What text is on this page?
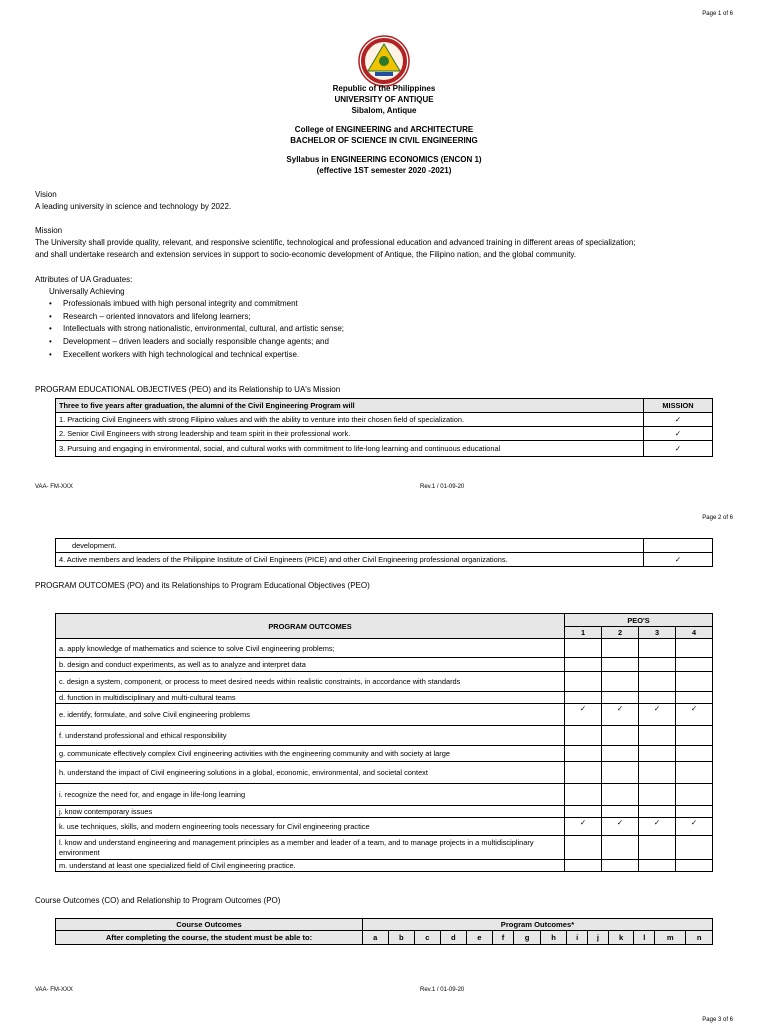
Page 1 of 6
Republic of the Philippines
UNIVERSITY OF ANTIQUE
Sibalom, Antique
College of ENGINEERING and ARCHITECTURE
BACHELOR OF SCIENCE IN CIVIL ENGINEERING
Syllabus in ENGINEERING ECONOMICS (ENCON 1)
(effective 1ST semester 2020 -2021)
Vision
A leading university in science and technology by 2022.
Mission
The University shall provide quality, relevant, and responsive scientific, technological and professional education and advanced training in different areas of specialization;
and shall undertake research and extension services in support to socio-economic development of Antique, the Filipino nation, and the global community.
Attributes of UA Graduates:
Universally Achieving
• Professionals imbued with high personal integrity and commitment
• Research – oriented innovators and lifelong learners;
• Intellectuals with strong nationalistic, environmental, cultural, and artistic sense;
• Development – driven leaders and socially responsible change agents; and
• Execellent workers with high technological and technical expertise.
PROGRAM EDUCATIONAL OBJECTIVES (PEO) and its Relationship to UA's Mission
Three to five years after graduation, the alumni of the Civil Engineering Program will	MISSION
1. Practicing Civil Engineers with strong Filipino values and with the ability to venture into their chosen field of specialization.	✓
2. Senior Civil Engineers with strong leadership and team spirit in their professional work.	✓
3. Pursuing and engaging in environmental, social, and cultural works with commitment to life-long learning and continuous educational	✓
VAA- FM-XXX	Rev.1 / 01-09-20
Page 2 of 6
development.	
4. Active members and leaders of the Philippine Institute of Civil Engineers (PICE) and other Civil Engineering professional organizations.	✓
PROGRAM OUTCOMES (PO) and its Relationships to Program Educational Objectives (PEO)
PROGRAM OUTCOMES	PEO'S			
	1	2	3	4
a. apply knowledge of mathematics and science to solve Civil engineering problems;				
b. design and conduct experiments, as well as to analyze and interpret data				
c. design a system, component, or process to meet desired needs within realistic constraints, in accordance with standards				
d. function in multidisciplinary and multi-cultural teams				
e. identify, formulate, and solve Civil engineering problems	✓	✓	✓	✓
f. understand professional and ethical responsibility				
g. communicate effectively complex Civil engineering activities with the engineering community and with society at large				
h. understand the impact of Civil engineering solutions in a global, economic, environmental, and societal context				
i. recognize the need for, and engage in life-long learning				
j. know contemporary issues				
k. use techniques, skills, and modern engineering tools necessary for Civil engineering practice	✓	✓	✓	✓
l. know and understand engineering and management principles as a member and leader of a team, and to manage projects in a multidisciplinary environment				
m. understand at least one specialized field of Civil engineering practice.				
Course Outcomes (CO) and Relationship to Program Outcomes (PO)
Course Outcomes	Program Outcomes*													
After completing the course, the student must be able to:	a	b	c	d	e	f	g	h	i	j	k	l	m	n
VAA- FM-XXX	Rev.1 / 01-09-20
Page 3 of 6
